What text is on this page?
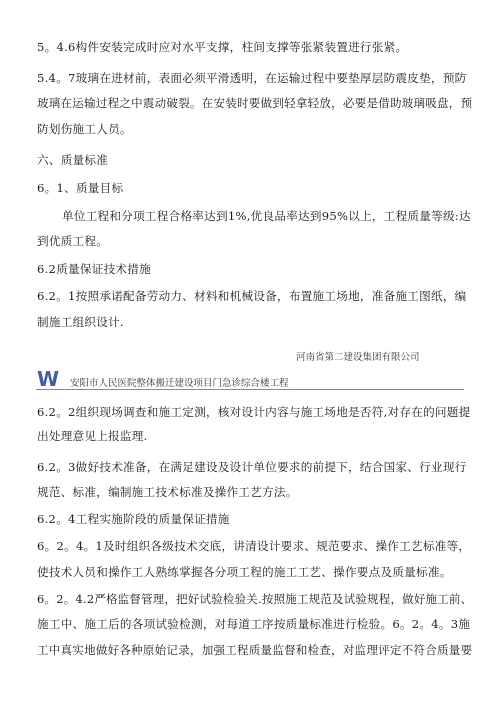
5。4.6构件安装完成时应对水平支撑，柱间支撑等张紧装置进行张紧。
5.4。7玻璃在进材前，表面必须平滑透明，在运输过程中要垫厚层防震皮垫，预防
玻璃在运输过程之中震动破裂。在安装时要做到轻拿轻放，必要是借助玻璃吸盘，预
防划伤施工人员。
六、质量标准
6。1、质量目标
单位工程和分项工程合格率达到1%,优良品率达到95%以上，工程质量等级:达
到优质工程。
6.2质量保证技术措施
6.2。1按照承诺配备劳动力、材料和机械设备，布置施工场地，准备施工图纸，编
制施工组织设计.
河南省第二建设集团有限公司
W 安阳市人民医院整体搬迁建设项目门急诊综合楼工程
6.2。2组织现场调查和施工定测，核对设计内容与施工场地是否符,对存在的问题提
出处理意见上报监理.
6.2。3做好技术准备，在满足建设及设计单位要求的前提下，结合国家、行业现行
规范、标准，编制施工技术标准及操作工艺方法。
6.2。4工程实施阶段的质量保证措施
6。2。4。1及时组织各级技术交底，讲清设计要求、规范要求、操作工艺标准等，
使技术人员和操作工人熟练掌握各分项工程的施工工艺、操作要点及质量标准。
6。2。4.2严格监督管理，把好试验检验关.按照施工规范及试验规程，做好施工前、
施工中、施工后的各项试验检测，对每道工序按质量标准进行检验。6。2。4。3施
工中真实地做好各种原始记录，加强工程质量监督和检查，对监理评定不符合质量要
